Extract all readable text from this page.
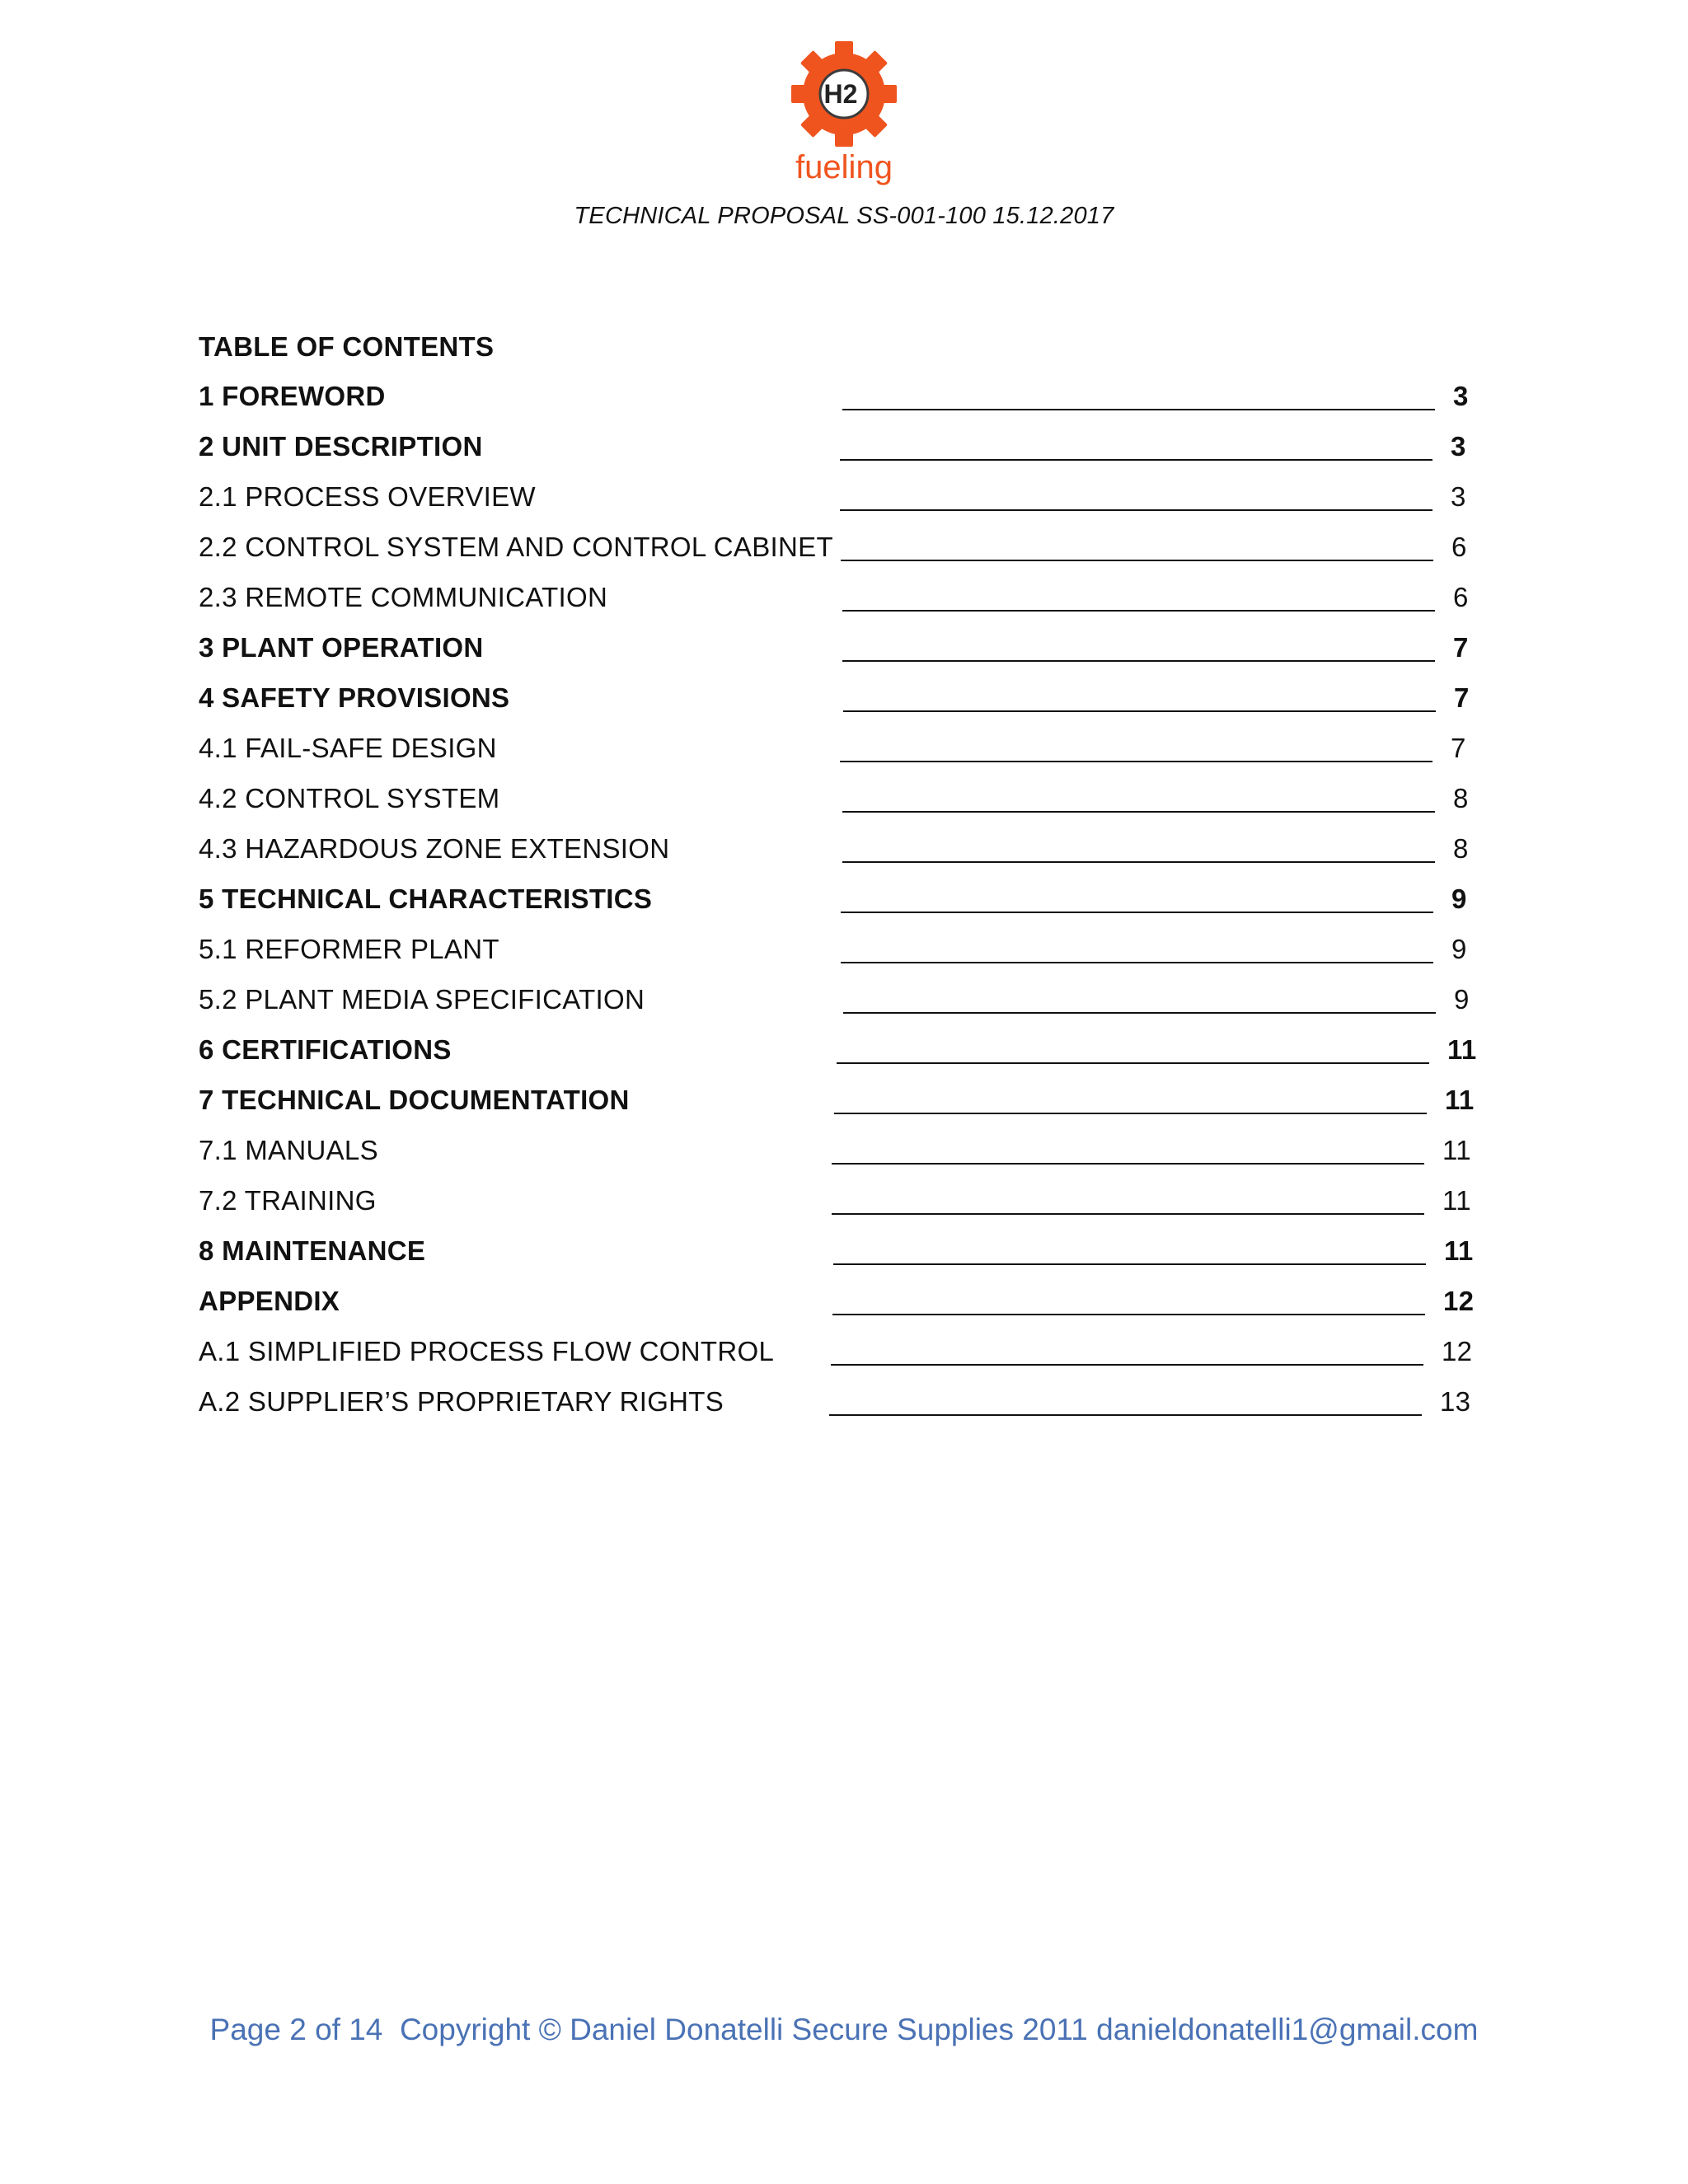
H2
fueling
TECHNICAL PROPOSAL SS-001-100 15.12.2017
TABLE OF CONTENTS
1 FOREWORD	3
2 UNIT DESCRIPTION	3
2.1 PROCESS OVERVIEW	3
2.2 CONTROL SYSTEM AND CONTROL CABINET	6
2.3 REMOTE COMMUNICATION	6
3 PLANT OPERATION	7
4 SAFETY PROVISIONS	7
4.1 FAIL-SAFE DESIGN	7
4.2 CONTROL SYSTEM	8
4.3 HAZARDOUS ZONE EXTENSION	8
5 TECHNICAL CHARACTERISTICS	9
5.1 REFORMER PLANT	9
5.2 PLANT MEDIA SPECIFICATION	9
6 CERTIFICATIONS	11
7 TECHNICAL DOCUMENTATION	11
7.1 MANUALS	11
7.2 TRAINING	11
8 MAINTENANCE	11
APPENDIX	12
A.1 SIMPLIFIED PROCESS FLOW CONTROL	12
A.2 SUPPLIER’S PROPRIETARY RIGHTS	13
Page 2 of 14  Copyright © Daniel Donatelli Secure Supplies 2011 danieldonatelli1@gmail.com
